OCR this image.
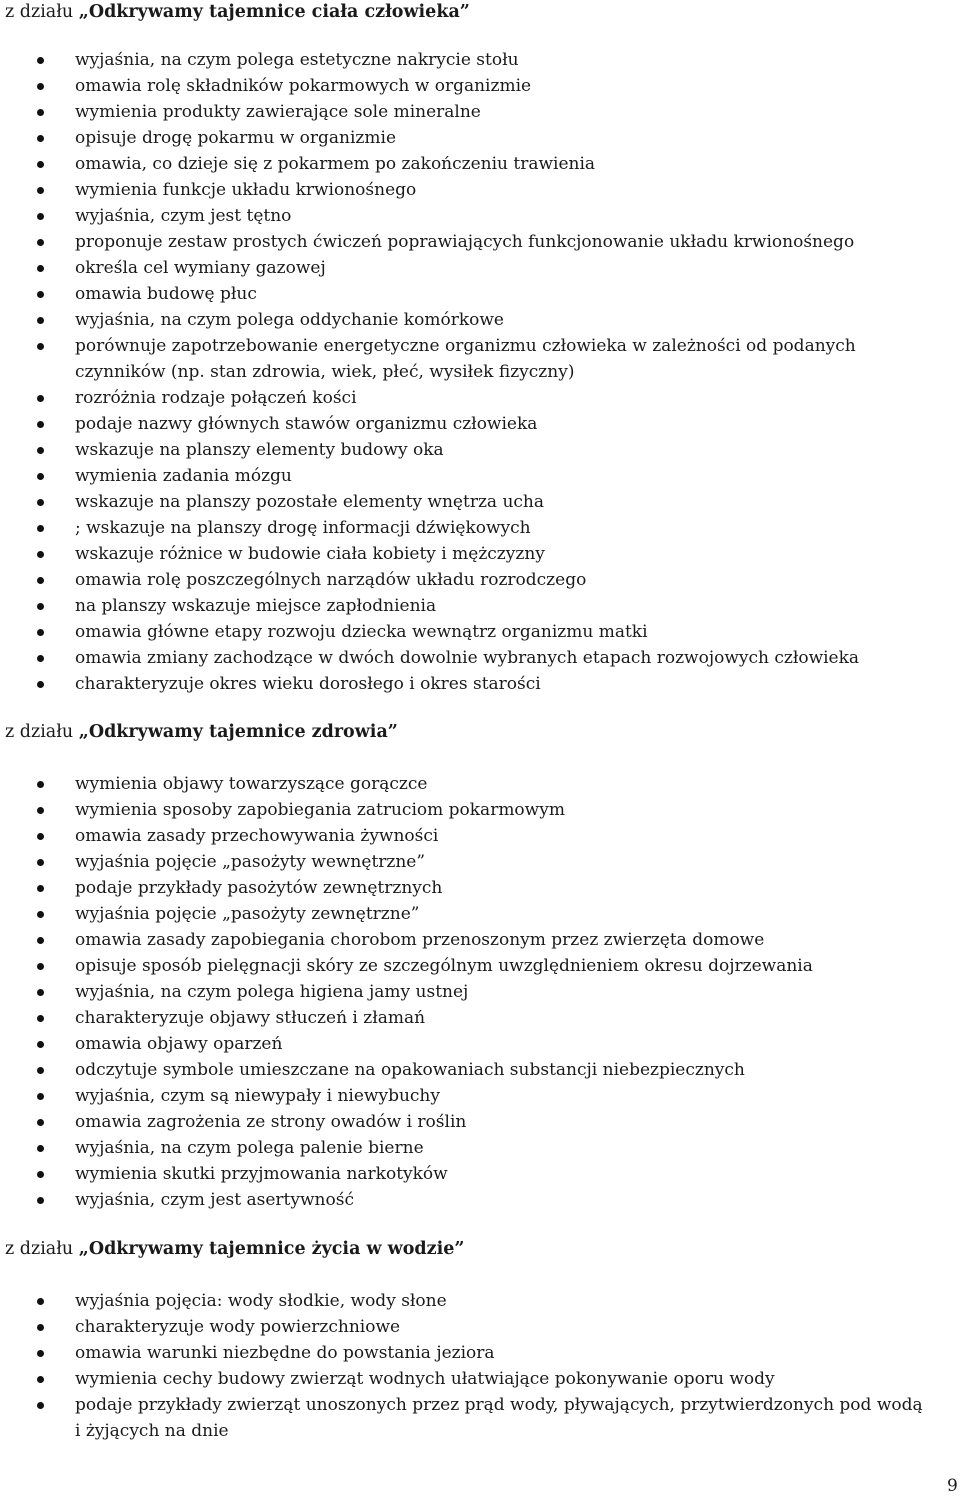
z działu „Odkrywamy tajemnice ciała człowieka”
wyjaśnia, na czym polega estetyczne nakrycie stołu
omawia rolę składników pokarmowych w organizmie
wymienia produkty zawierające sole mineralne
opisuje drogę pokarmu w organizmie
omawia, co dzieje się z pokarmem po zakończeniu trawienia
wymienia funkcje układu krwionośnego
wyjaśnia, czym jest tętno
proponuje zestaw prostych ćwiczeń poprawiających funkcjonowanie układu krwionośnego
określa cel wymiany gazowej
omawia budowę płuc
wyjaśnia, na czym polega oddychanie komórkowe
porównuje zapotrzebowanie energetyczne organizmu człowieka w zależności od podanych czynników (np. stan zdrowia, wiek, płeć, wysiłek fizyczny)
rozróżnia rodzaje połączeń kości
podaje nazwy głównych stawów organizmu człowieka
wskazuje na planszy elementy budowy oka
wymienia zadania mózgu
wskazuje na planszy pozostałe elementy wnętrza ucha
; wskazuje na planszy drogę informacji dźwiękowych
wskazuje różnice w budowie ciała kobiety i mężczyzny
omawia rolę poszczególnych narządów układu rozrodczego
na planszy wskazuje miejsce zapłodnienia
omawia główne etapy rozwoju dziecka wewnątrz organizmu matki
omawia zmiany zachodzące w dwóch dowolnie wybranych etapach rozwojowych człowieka
charakteryzuje okres wieku dorosłego i okres starości
z działu „Odkrywamy tajemnice zdrowia”
wymienia objawy towarzyszące gorączce
wymienia sposoby zapobiegania zatruciom pokarmowym
omawia zasady przechowywania żywności
wyjaśnia pojęcie „pasożyty wewnętrzne”
podaje przykłady pasożytów zewnętrznych
wyjaśnia pojęcie „pasożyty zewnętrzne”
omawia zasady zapobiegania chorobom przenoszonym przez zwierzęta domowe
opisuje sposób pielęgnacji skóry ze szczególnym uwzględnieniem okresu dojrzewania
wyjaśnia, na czym polega higiena jamy ustnej
charakteryzuje objawy stłuczeń i złamań
omawia objawy oparzeń
odczytuje symbole umieszczane na opakowaniach substancji niebezpiecznych
wyjaśnia, czym są niewypały i niewybuchy
omawia zagrożenia ze strony owadów i roślin
wyjaśnia, na czym polega palenie bierne
wymienia skutki przyjmowania narkotyków
wyjaśnia, czym jest asertywność
z działu „Odkrywamy tajemnice życia w wodzie”
wyjaśnia pojęcia: wody słodkie, wody słone
charakteryzuje wody powierzchniowe
omawia warunki niezbędne do powstania jeziora
wymienia cechy budowy zwierząt wodnych ułatwiające pokonywanie oporu wody
podaje przykłady zwierząt unoszonych przez prąd wody, pływających, przytwierdzonych pod wodą i żyjących na dnie
9
